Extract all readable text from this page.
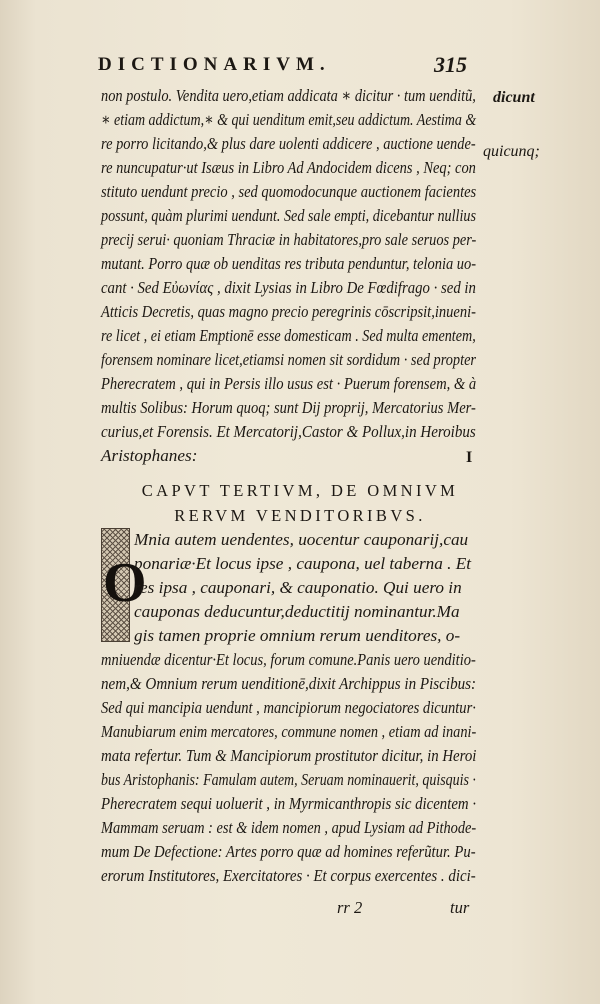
DICTIONARIVM.	315
non postulo. Vendita uero,etiam addicata ∗ dicitur · tum uenditũ,
∗ etiam addictum,∗ & qui uenditum emit,seu addictum. Aestima &
re porro licitando,& plus dare uolenti addicere , auctione uende-
re nuncupatur·ut Isæus in Libro Ad Andocidem dicens , Neq; con
stituto uendunt precio , sed quomodocunque auctionem facientes
possunt, quàm plurimi uendunt. Sed sale empti, dicebantur nullius
precij serui· quoniam Thraciæ in habitatores,pro sale seruos per-
mutant. Porro quæ ob uenditas res tributa penduntur, telonia uo-
cant · Sed Εὐωνίας , dixit Lysias in Libro De Fœdifrago · sed in
Atticis Decretis, quas magno precio peregrinis cōscripsit,inueni-
re licet , ei etiam Emptionē esse domesticam . Sed multa ementem,
forensem nominare licet,etiamsi nomen sit sordidum · sed propter
Pherecratem , qui in Persis illo usus est · Puerum forensem, & à
multis Solibus: Horum quoq; sunt Dij proprij, Mercatorius Mer-
curius,et Forensis. Et Mercatorij,Castor & Pollux,in Heroibus
Aristophanes:
dicunt
quicunq;
I
CAPVT TERTIVM, DE OMNIVM
RERVM VENDITORIBVS.
O
Mnia autem uendentes, uocentur cauponarij,cau
ponariæ·Et locus ipse , caupona, uel taberna . Et
res ipsa , cauponari, & cauponatio. Qui uero in
cauponas deducuntur,deductitij nominantur.Ma
gis tamen proprie omnium rerum uenditores, o-
mniuendæ dicentur·Et locus, forum comune.Panis uero uenditio-
nem,& Omnium rerum uenditionē,dixit Archippus in Piscibus:
Sed qui mancipia uendunt , mancipiorum negociatores dicuntur·
Manubiarum enim mercatores, commune nomen , etiam ad inani-
mata refertur. Tum & Mancipiorum prostitutor dicitur, in Heroi
bus Aristophanis: Famulam autem, Seruam nominauerit, quisquis ·
Pherecratem sequi uoluerit , in Myrmicanthropis sic dicentem ·
Mammam seruam : est & idem nomen , apud Lysiam ad Pithode-
mum De Defectione: Artes porro quæ ad homines referũtur. Pu-
erorum Institutores, Exercitatores · Et corpus exercentes . dici-
rr 2	tur
